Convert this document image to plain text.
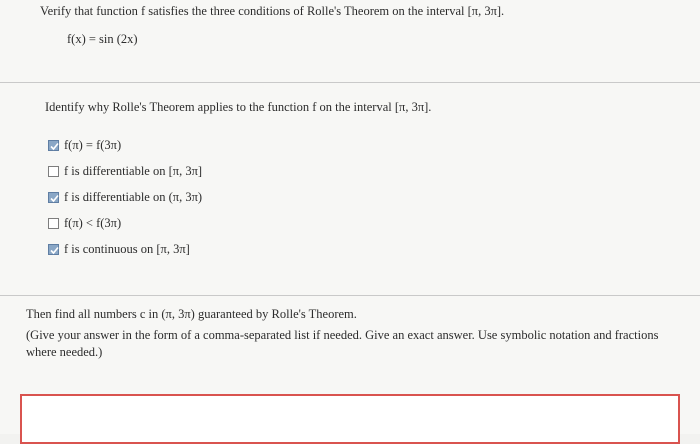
Verify that function f satisfies the three conditions of Rolle's Theorem on the interval [π, 3π].
f(x) = sin (2x)
Identify why Rolle's Theorem applies to the function f on the interval [π, 3π].
f(π) = f(3π)
f is differentiable on [π, 3π]
f is differentiable on (π, 3π)
f(π) < f(3π)
f is continuous on [π, 3π]
Then find all numbers c in (π, 3π) guaranteed by Rolle's Theorem.
(Give your answer in the form of a comma-separated list if needed. Give an exact answer. Use symbolic notation and fractions where needed.)
